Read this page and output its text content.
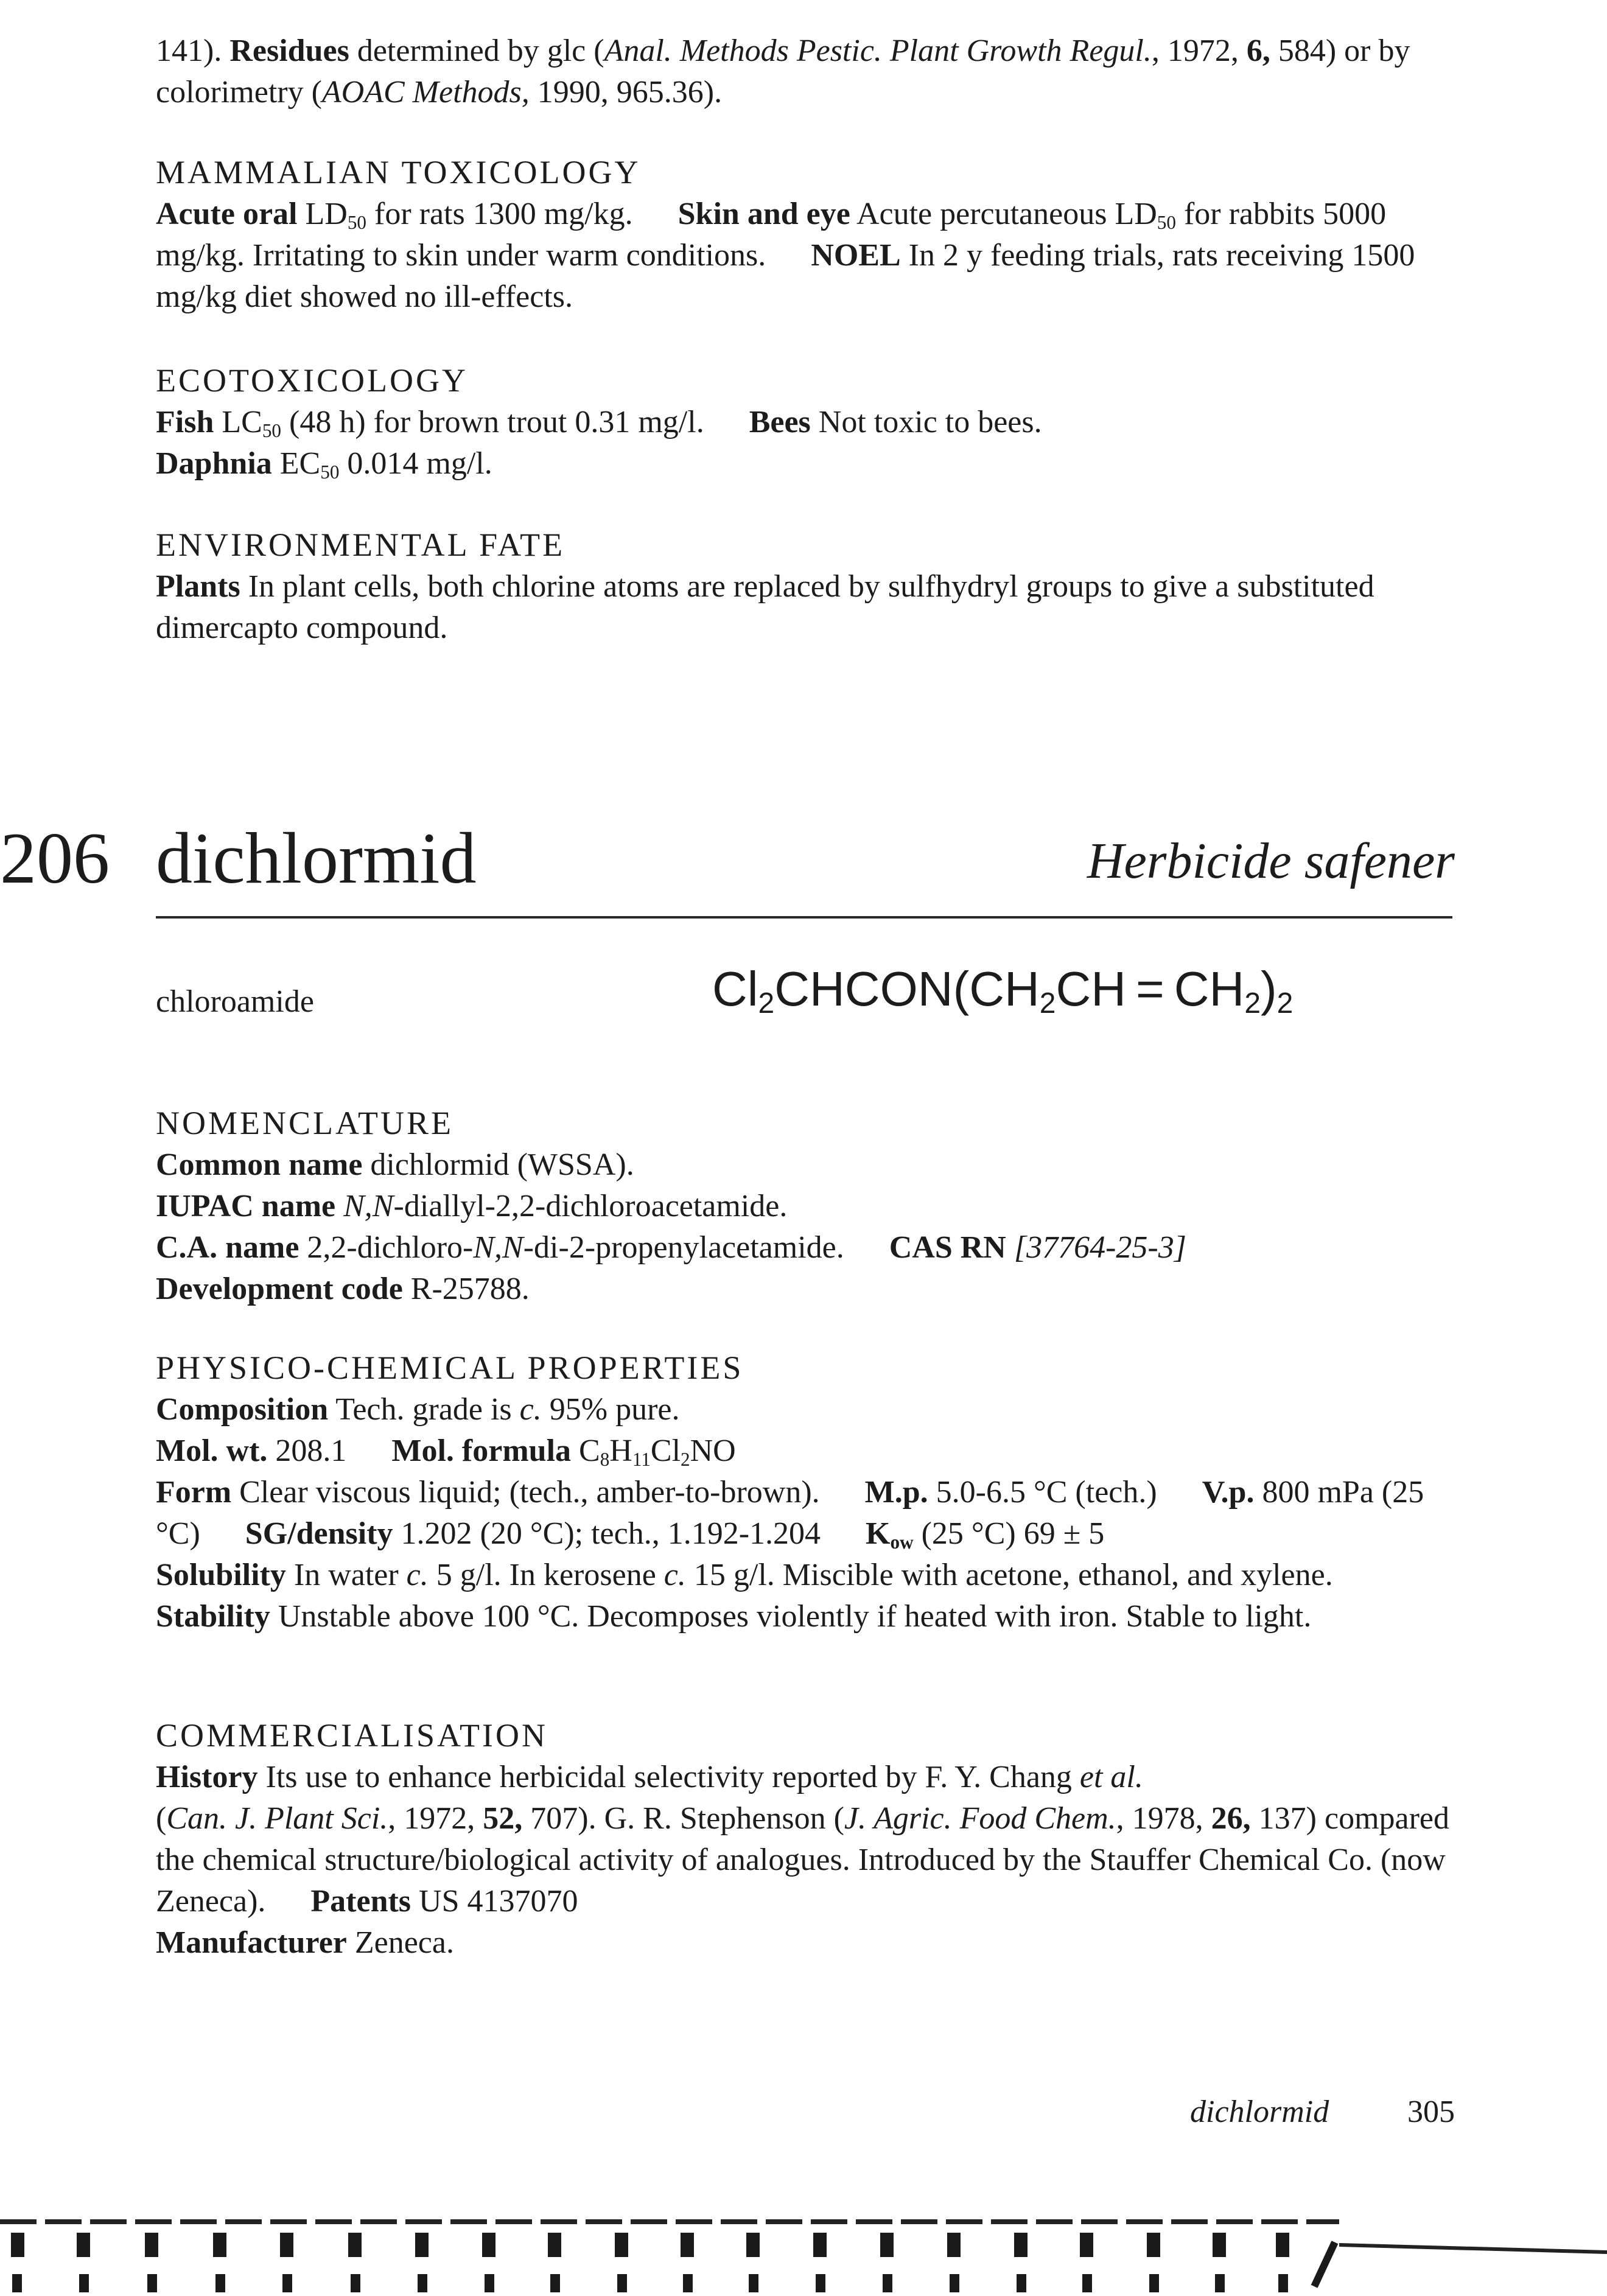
141). Residues determined by glc (Anal. Methods Pestic. Plant Growth Regul., 1972, 6, 584) or by colorimetry (AOAC Methods, 1990, 965.36).
MAMMALIAN TOXICOLOGY
Acute oral $LD_{50}$ for rats 1300 mg/kg. Skin and eye Acute percutaneous $LD_{50}$ for rabbits 5000 mg/kg. Irritating to skin under warm conditions. NOEL In 2 y feeding trials, rats receiving 1500 mg/kg diet showed no ill-effects.
ECOTOXICOLOGY
Fish $LC_{50}$ (48 h) for brown trout 0.31 mg/l. Bees Not toxic to bees.
Daphnia $EC_{50}$ 0.014 mg/l.
ENVIRONMENTAL FATE
Plants In plant cells, both chlorine atoms are replaced by sulfhydryl groups to give a substituted dimercapto compound.
206 dichlormid	Herbicide safener
chloroamide	$Cl_2CHCON(CH_2CH = CH_2)_2$
NOMENCLATURE
Common name dichlormid (WSSA).
IUPAC name N,N-diallyl-2,2-dichloroacetamide.
C.A. name 2,2-dichloro-N,N-di-2-propenylacetamide. CAS RN [37764-25-3]
Development code R-25788.
PHYSICO-CHEMICAL PROPERTIES
Composition Tech. grade is c. 95% pure.
Mol. wt. 208.1 Mol. formula $C_8H_{11}Cl_2NO$
Form Clear viscous liquid; (tech., amber-to-brown). M.p. 5.0-6.5 °C (tech.) V.p. 800 mPa (25 °C) SG/density 1.202 (20 °C); tech., 1.192-1.204 $K_{ow}$ (25 °C) 69 ± 5
Solubility In water c. 5 g/l. In kerosene c. 15 g/l. Miscible with acetone, ethanol, and xylene.  Stability Unstable above 100 °C. Decomposes violently if heated with iron. Stable to light.
COMMERCIALISATION
History Its use to enhance herbicidal selectivity reported by F. Y. Chang et al.
(Can. J. Plant Sci., 1972, 52, 707). G. R. Stephenson (J. Agric. Food Chem., 1978, 26, 137) compared the chemical structure/biological activity of analogues. Introduced by the Stauffer Chemical Co. (now Zeneca). Patents US 4137070
Manufacturer Zeneca.
dichlormid 305
